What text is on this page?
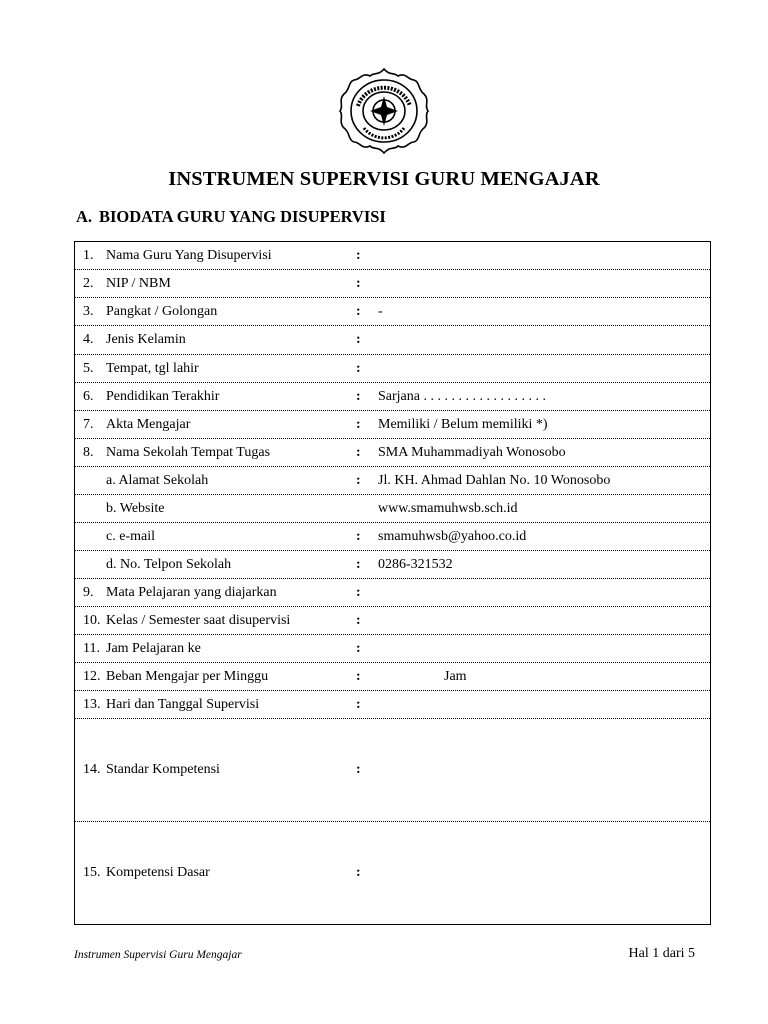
INSTRUMEN SUPERVISI GURU MENGAJAR
A. BIODATA GURU YANG DISUPERVISI
1. Nama Guru Yang Disupervisi	:
2. NIP / NBM	:
3. Pangkat / Golongan	: -
4. Jenis Kelamin	:
5. Tempat, tgl lahir	:
6. Pendidikan Terakhir	: Sarjana . . . . . . . . . . . . . . . . . .
7. Akta Mengajar	: Memiliki / Belum memiliki *)
8. Nama Sekolah Tempat Tugas	: SMA Muhammadiyah Wonosobo
a. Alamat Sekolah	: Jl. KH. Ahmad Dahlan No. 10 Wonosobo
b. Website	www.smamuhwsb.sch.id
c. e-mail	: smamuhwsb@yahoo.co.id
d. No. Telpon Sekolah	: 0286-321532
9. Mata Pelajaran yang diajarkan	:
10. Kelas / Semester saat disupervisi	:
11. Jam Pelajaran ke	:
12. Beban Mengajar per Minggu	:	Jam
13. Hari dan Tanggal Supervisi	:
14. Standar Kompetensi	:
15. Kompetensi Dasar	:
Instrumen Supervisi Guru Mengajar	Hal 1 dari 5
